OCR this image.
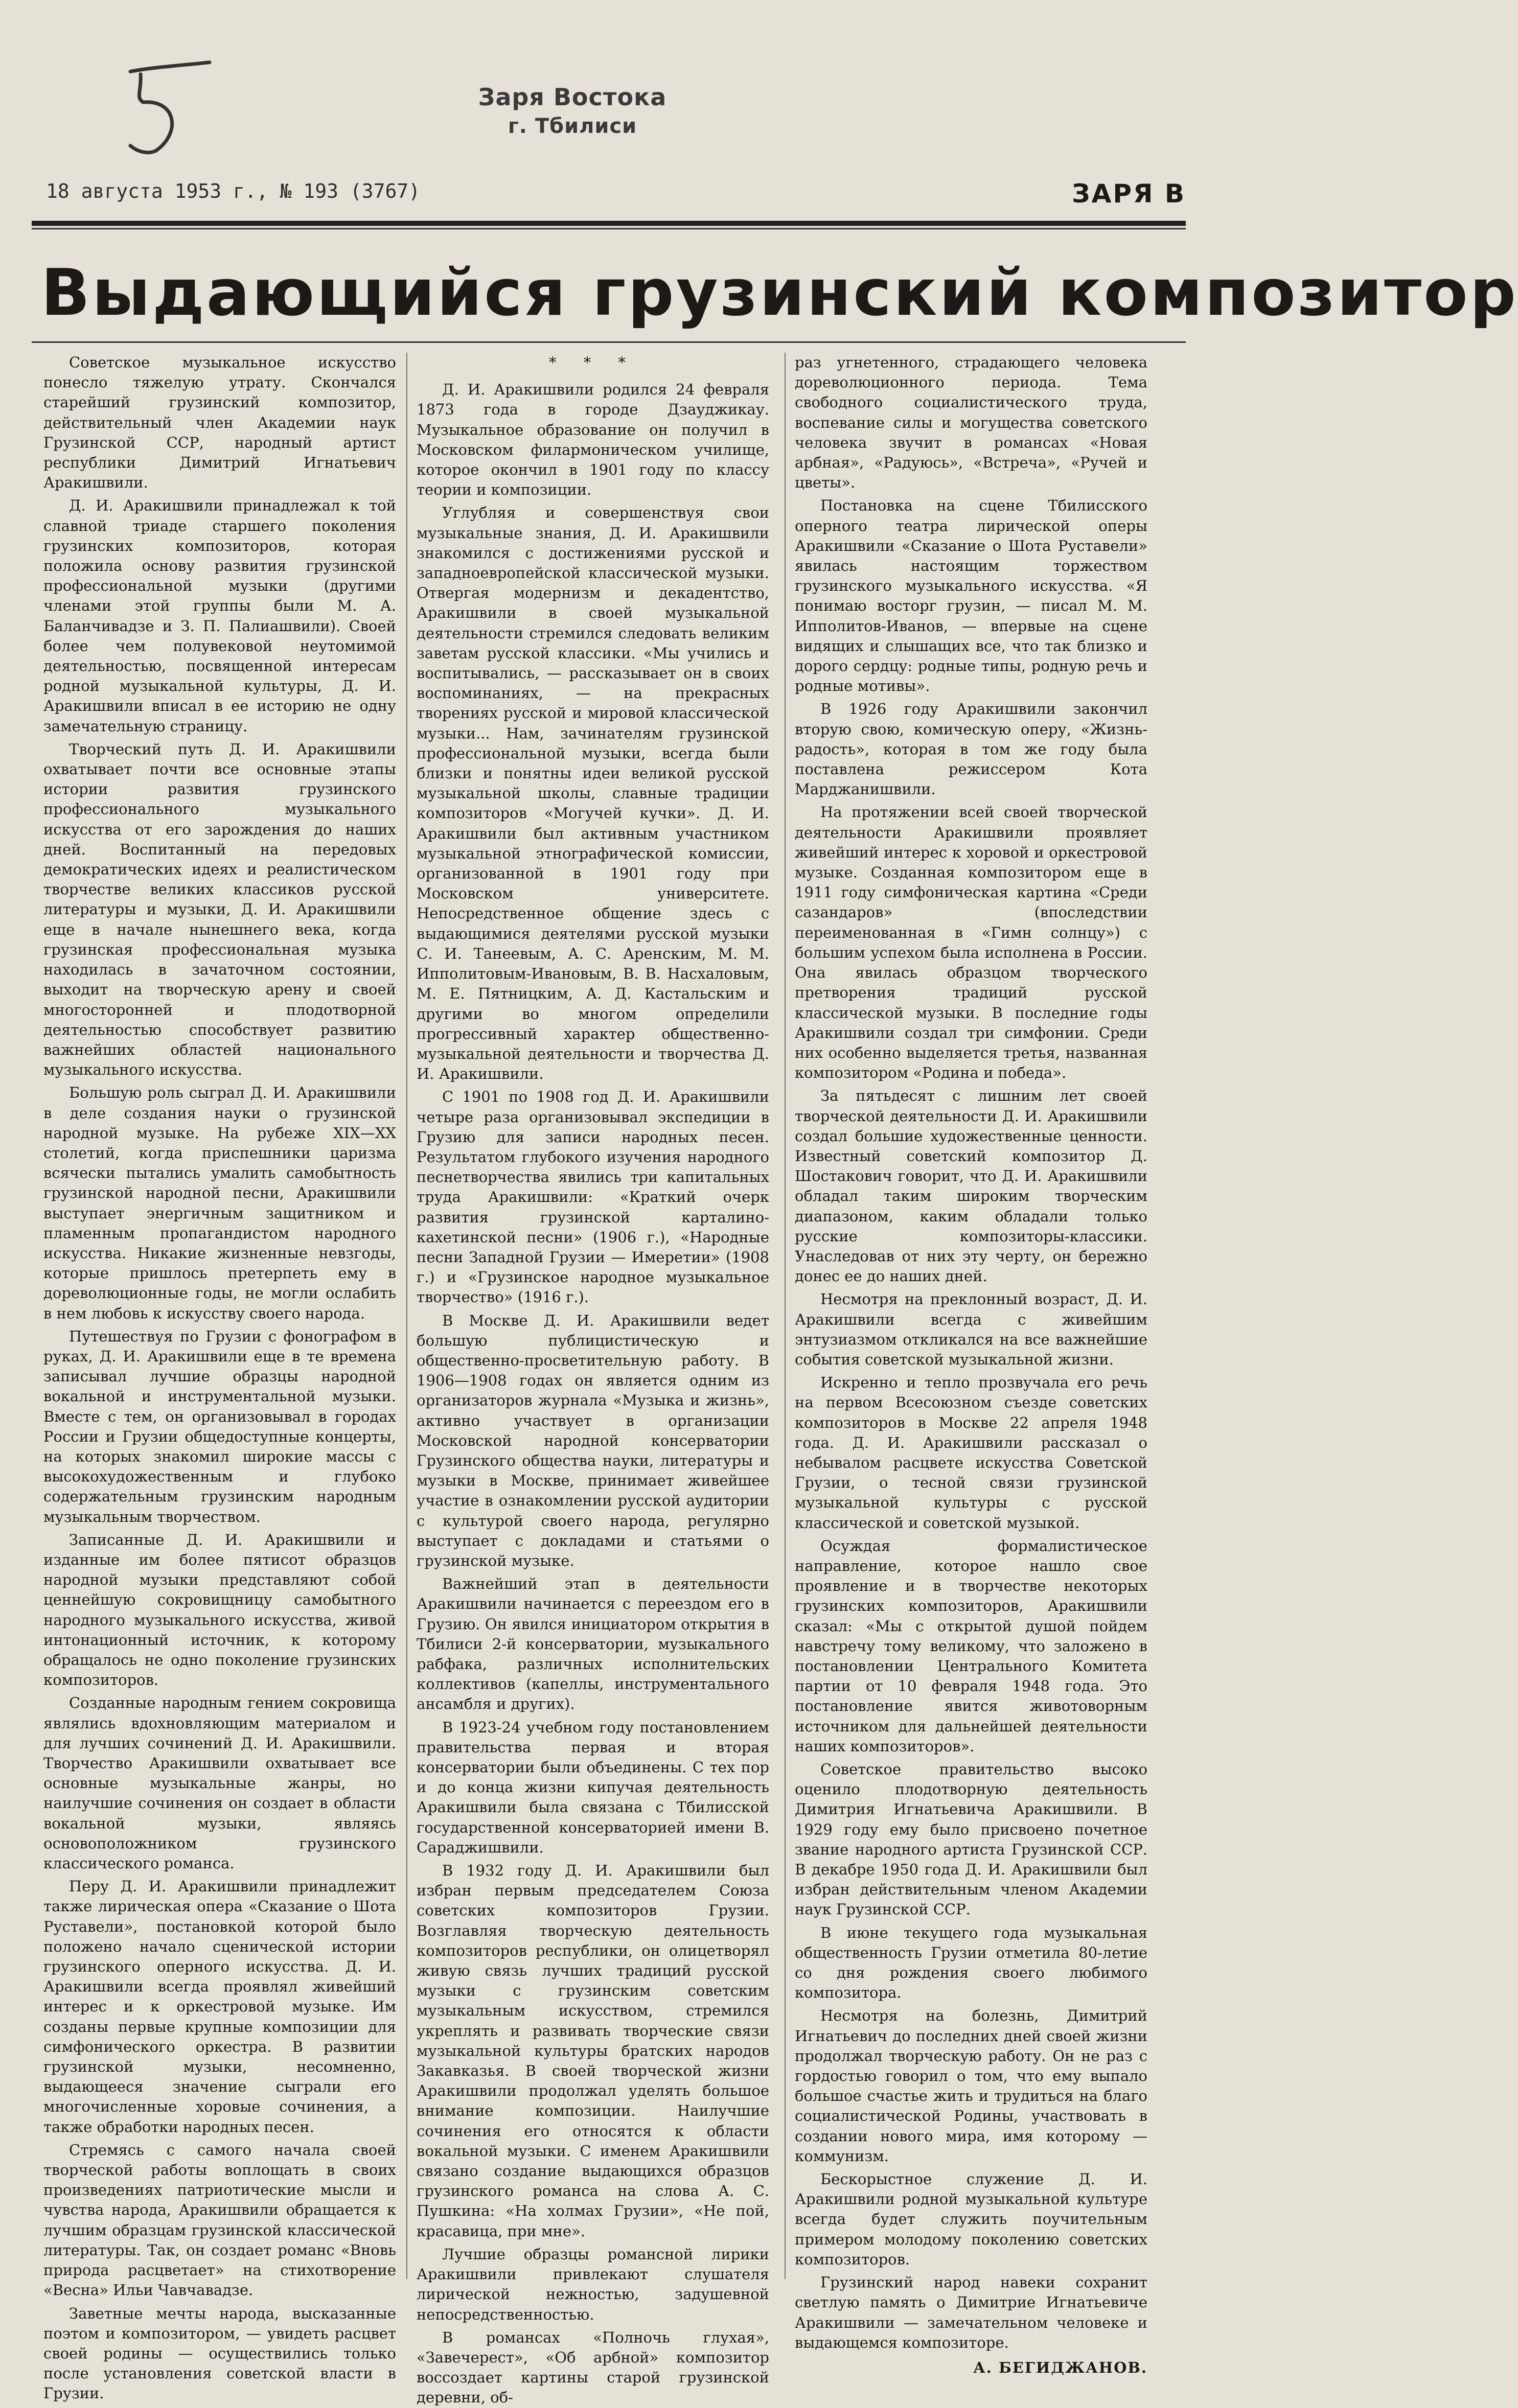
Заря Востока
г. Тбилиси
18 августа 1953 г., № 193 (3767)	ЗАРЯ В
Выдающийся грузинский композитор

Советское музыкальное искусство понесло тяжелую утрату. Скончался старейший грузинский композитор, действительный член Академии наук Грузинской ССР, народный артист республики Димитрий Игнатьевич Аракишвили.

Д. И. Аракишвили принадлежал к той славной триаде старшего поколения грузинских композиторов, которая положила основу развития грузинской профессиональной музыки (другими членами этой группы были М. А. Баланчивадзе и З. П. Палиашвили). Своей более чем полувековой неутомимой деятельностью, посвященной интересам родной музыкальной культуры, Д. И. Аракишвили вписал в ее историю не одну замечательную страницу.

Творческий путь Д. И. Аракишвили охватывает почти все основные этапы истории развития грузинского профессионального музыкального искусства от его зарождения до наших дней. Воспитанный на передовых демократических идеях и реалистическом творчестве великих классиков русской литературы и музыки, Д. И. Аракишвили еще в начале нынешнего века, когда грузинская профессиональная музыка находилась в зачаточном состоянии, выходит на творческую арену и своей многосторонней и плодотворной деятельностью способствует развитию важнейших областей национального музыкального искусства.

Большую роль сыграл Д. И. Аракишвили в деле создания науки о грузинской народной музыке. На рубеже XIX—XX столетий, когда приспешники царизма всячески пытались умалить самобытность грузинской народной песни, Аракишвили выступает энергичным защитником и пламенным пропагандистом народного искусства. Никакие жизненные невзгоды, которые пришлось претерпеть ему в дореволюционные годы, не могли ослабить в нем любовь к искусству своего народа.

Путешествуя по Грузии с фонографом в руках, Д. И. Аракишвили еще в те времена записывал лучшие образцы народной вокальной и инструментальной музыки. Вместе с тем, он организовывал в городах России и Грузии общедоступные концерты, на которых знакомил широкие массы с высокохудожественным и глубоко содержательным грузинским народным музыкальным творчеством.

Записанные Д. И. Аракишвили и изданные им более пятисот образцов народной музыки представляют собой ценнейшую сокровищницу самобытного народного музыкального искусства, живой интонационный источник, к которому обращалось не одно поколение грузинских композиторов.

Созданные народным гением сокровища являлись вдохновляющим материалом и для лучших сочинений Д. И. Аракишвили. Творчество Аракишвили охватывает все основные музыкальные жанры, но наилучшие сочинения он создает в области вокальной музыки, являясь основоположником грузинского классического романса.

Перу Д. И. Аракишвили принадлежит также лирическая опера «Сказание о Шота Руставели», постановкой которой было положено начало сценической истории грузинского оперного искусства. Д. И. Аракишвили всегда проявлял живейший интерес и к оркестровой музыке. Им созданы первые крупные композиции для симфонического оркестра. В развитии грузинской музыки, несомненно, выдающееся значение сыграли его многочисленные хоровые сочинения, а также обработки народных песен.

Стремясь с самого начала своей творческой работы воплощать в своих произведениях патриотические мысли и чувства народа, Аракишвили обращается к лучшим образцам грузинской классической литературы. Так, он создает романс «Вновь природа расцветает» на стихотворение «Весна» Ильи Чавчавадзе.

Заветные мечты народа, высказанные поэтом и композитором, — увидеть расцвет своей родины — осуществились только после установления советской власти в Грузии.

* * *

Д. И. Аракишвили родился 24 февраля 1873 года в городе Дзауджикау. Музыкальное образование он получил в Московском филармоническом училище, которое окончил в 1901 году по классу теории и композиции.

Углубляя и совершенствуя свои музыкальные знания, Д. И. Аракишвили знакомился с достижениями русской и западноевропейской классической музыки. Отвергая модернизм и декадентство, Аракишвили в своей музыкальной деятельности стремился следовать великим заветам русской классики. «Мы учились и воспитывались, — рассказывает он в своих воспоминаниях, — на прекрасных творениях русской и мировой классической музыки... Нам, зачинателям грузинской профессиональной музыки, всегда были близки и понятны идеи великой русской музыкальной школы, славные традиции композиторов «Могучей кучки». Д. И. Аракишвили был активным участником музыкальной этнографической комиссии, организованной в 1901 году при Московском университете. Непосредственное общение здесь с выдающимися деятелями русской музыки С. И. Танеевым, А. С. Аренским, М. М. Ипполитовым-Ивановым, В. В. Насхаловым, М. Е. Пятницким, А. Д. Кастальским и другими во многом определили прогрессивный характер общественно-музыкальной деятельности и творчества Д. И. Аракишвили.

С 1901 по 1908 год Д. И. Аракишвили четыре раза организовывал экспедиции в Грузию для записи народных песен. Результатом глубокого изучения народного песнетворчества явились три капитальных труда Аракишвили: «Краткий очерк развития грузинской карталино-кахетинской песни» (1906 г.), «Народные песни Западной Грузии — Имеретии» (1908 г.) и «Грузинское народное музыкальное творчество» (1916 г.).

В Москве Д. И. Аракишвили ведет большую публицистическую и общественно-просветительную работу. В 1906—1908 годах он является одним из организаторов журнала «Музыка и жизнь», активно участвует в организации Московской народной консерватории Грузинского общества науки, литературы и музыки в Москве, принимает живейшее участие в ознакомлении русской аудитории с культурой своего народа, регулярно выступает с докладами и статьями о грузинской музыке.

Важнейший этап в деятельности Аракишвили начинается с переездом его в Грузию. Он явился инициатором открытия в Тбилиси 2-й консерватории, музыкального рабфака, различных исполнительских коллективов (капеллы, инструментального ансамбля и других).

В 1923-24 учебном году постановлением правительства первая и вторая консерватории были объединены. С тех пор и до конца жизни кипучая деятельность Аракишвили была связана с Тбилисской государственной консерваторией имени В. Сараджишвили.

В 1932 году Д. И. Аракишвили был избран первым председателем Союза советских композиторов Грузии. Возглавляя творческую деятельность композиторов республики, он олицетворял живую связь лучших традиций русской музыки с грузинским советским музыкальным искусством, стремился укреплять и развивать творческие связи музыкальной культуры братских народов Закавказья. В своей творческой жизни Аракишвили продолжал уделять большое внимание композиции. Наилучшие сочинения его относятся к области вокальной музыки. С именем Аракишвили связано создание выдающихся образцов грузинского романса на слова А. С. Пушкина: «На холмах Грузии», «Не пой, красавица, при мне».

Лучшие образцы романсной лирики Аракишвили привлекают слушателя лирической нежностью, задушевной непосредственностью.

В романсах «Полночь глухая», «Завечерест», «Об арбной» композитор воссоздает картины старой грузинской деревни, об-

раз угнетенного, страдающего человека дореволюционного периода. Тема свободного социалистического труда, воспевание силы и могущества советского человека звучит в романсах «Новая арбная», «Радуюсь», «Встреча», «Ручей и цветы».

Постановка на сцене Тбилисского оперного театра лирической оперы Аракишвили «Сказание о Шота Руставели» явилась настоящим торжеством грузинского музыкального искусства. «Я понимаю восторг грузин, — писал М. М. Ипполитов-Иванов, — впервые на сцене видящих и слышащих все, что так близко и дорого сердцу: родные типы, родную речь и родные мотивы».

В 1926 году Аракишвили закончил вторую свою, комическую оперу, «Жизнь-радость», которая в том же году была поставлена режиссером Кота Марджанишвили.

На протяжении всей своей творческой деятельности Аракишвили проявляет живейший интерес к хоровой и оркестровой музыке. Созданная композитором еще в 1911 году симфоническая картина «Среди сазандаров» (впоследствии переименованная в «Гимн солнцу») с большим успехом была исполнена в России. Она явилась образцом творческого претворения традиций русской классической музыки. В последние годы Аракишвили создал три симфонии. Среди них особенно выделяется третья, названная композитором «Родина и победа».

За пятьдесят с лишним лет своей творческой деятельности Д. И. Аракишвили создал большие художественные ценности. Известный советский композитор Д. Шостакович говорит, что Д. И. Аракишвили обладал таким широким творческим диапазоном, каким обладали только русские композиторы-классики. Унаследовав от них эту черту, он бережно донес ее до наших дней.

Несмотря на преклонный возраст, Д. И. Аракишвили всегда с живейшим энтузиазмом откликался на все важнейшие события советской музыкальной жизни.

Искренно и тепло прозвучала его речь на первом Всесоюзном съезде советских композиторов в Москве 22 апреля 1948 года. Д. И. Аракишвили рассказал о небывалом расцвете искусства Советской Грузии, о тесной связи грузинской музыкальной культуры с русской классической и советской музыкой.

Осуждая формалистическое направление, которое нашло свое проявление и в творчестве некоторых грузинских композиторов, Аракишвили сказал: «Мы с открытой душой пойдем навстречу тому великому, что заложено в постановлении Центрального Комитета партии от 10 февраля 1948 года. Это постановление явится животоворным источником для дальнейшей деятельности наших композиторов».

Советское правительство высоко оценило плодотворную деятельность Димитрия Игнатьевича Аракишвили. В 1929 году ему было присвоено почетное звание народного артиста Грузинской ССР. В декабре 1950 года Д. И. Аракишвили был избран действительным членом Академии наук Грузинской ССР.

В июне текущего года музыкальная общественность Грузии отметила 80-летие со дня рождения своего любимого композитора.

Несмотря на болезнь, Димитрий Игнатьевич до последних дней своей жизни продолжал творческую работу. Он не раз с гордостью говорил о том, что ему выпало большое счастье жить и трудиться на благо социалистической Родины, участвовать в создании нового мира, имя которому — коммунизм.

Бескорыстное служение Д. И. Аракишвили родной музыкальной культуре всегда будет служить поучительным примером молодому поколению советских композиторов.

Грузинский народ навеки сохранит светлую память о Димитрие Игнатьевиче Аракишвили — замечательном человеке и выдающемся композиторе.

А. БЕГИДЖАНОВ.
